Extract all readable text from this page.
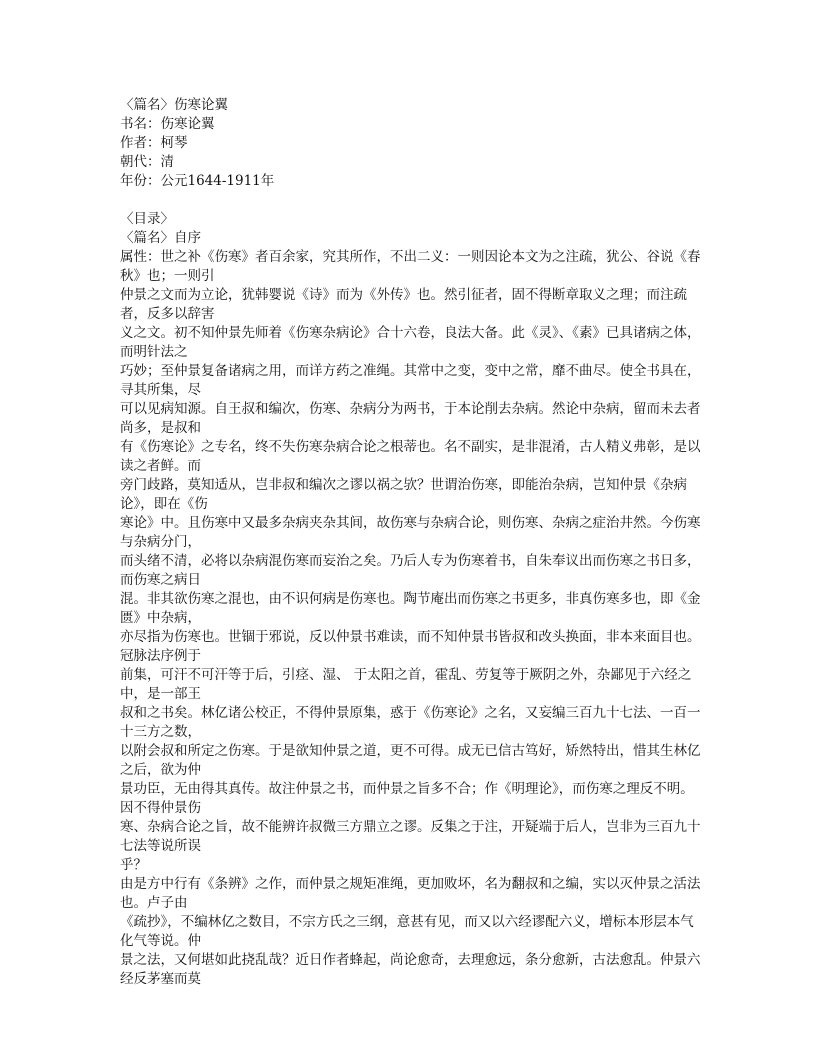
〈篇名〉伤寒论翼

书名：伤寒论翼

作者：柯琴

朝代：清

年份：公元1644-1911年

〈目录〉

〈篇名〉自序

属性：世之补《伤寒》者百余家，究其所作，不出二义：一则因论本文为之注疏，犹公、谷说《春秋》也；一则引

仲景之文而为立论，犹韩婴说《诗》而为《外传》也。然引征者，固不得断章取义之理；而注疏者，反多以辞害

义之文。初不知仲景先师着《伤寒杂病论》合十六卷，良法大备。此《灵》、《素》已具诸病之体，而明针法之

巧妙；至仲景复备诸病之用，而详方药之准绳。其常中之变，变中之常，靡不曲尽。使全书具在，寻其所集，尽

可以见病知源。自王叔和编次，伤寒、杂病分为两书，于本论削去杂病。然论中杂病，留而未去者尚多，是叔和

有《伤寒论》之专名，终不失伤寒杂病合论之根蒂也。名不副实，是非混淆，古人精义弗彰，是以读之者鲜。而

旁门歧路，莫知适从，岂非叔和编次之谬以祸之欤？世谓治伤寒，即能治杂病，岂知仲景《杂病论》，即在《伤

寒论》中。且伤寒中又最多杂病夹杂其间，故伤寒与杂病合论，则伤寒、杂病之症治井然。今伤寒与杂病分门，

而头绪不清，必将以杂病混伤寒而妄治之矣。乃后人专为伤寒着书，自朱奉议出而伤寒之书日多，而伤寒之病日

混。非其欲伤寒之混也，由不识何病是伤寒也。陶节庵出而伤寒之书更多，非真伤寒多也，即《金匮》中杂病，

亦尽指为伤寒也。世锢于邪说，反以仲景书难读，而不知仲景书皆叔和改头换面，非本来面目也。冠脉法序例于

前集，可汗不可汗等于后，引痉、湿、 于太阳之首，霍乱、劳复等于厥阴之外，杂鄙见于六经之中，是一部王

叔和之书矣。林亿诸公校正，不得仲景原集，惑于《伤寒论》之名，又妄编三百九十七法、一百一十三方之数，

以附会叔和所定之伤寒。于是欲知仲景之道，更不可得。成无已信古笃好，矫然特出，惜其生林亿之后，欲为仲

景功臣，无由得其真传。故注仲景之书，而仲景之旨多不合；作《明理论》，而伤寒之理反不明。因不得仲景伤

寒、杂病合论之旨，故不能辨许叔微三方鼎立之谬。反集之于注，开疑端于后人，岂非为三百九十七法等说所误

乎？

由是方中行有《条辨》之作，而仲景之规矩准绳，更加败坏，名为翻叔和之编，实以灭仲景之活法也。卢子由

《疏抄》，不编林亿之数目，不宗方氏之三纲，意甚有见，而又以六经谬配六义，增标本形层本气化气等说。仲

景之法，又何堪如此挠乱哉？近日作者蜂起，尚论愈奇，去理愈远，条分愈新，古法愈乱。仲景六经反茅塞而莫
